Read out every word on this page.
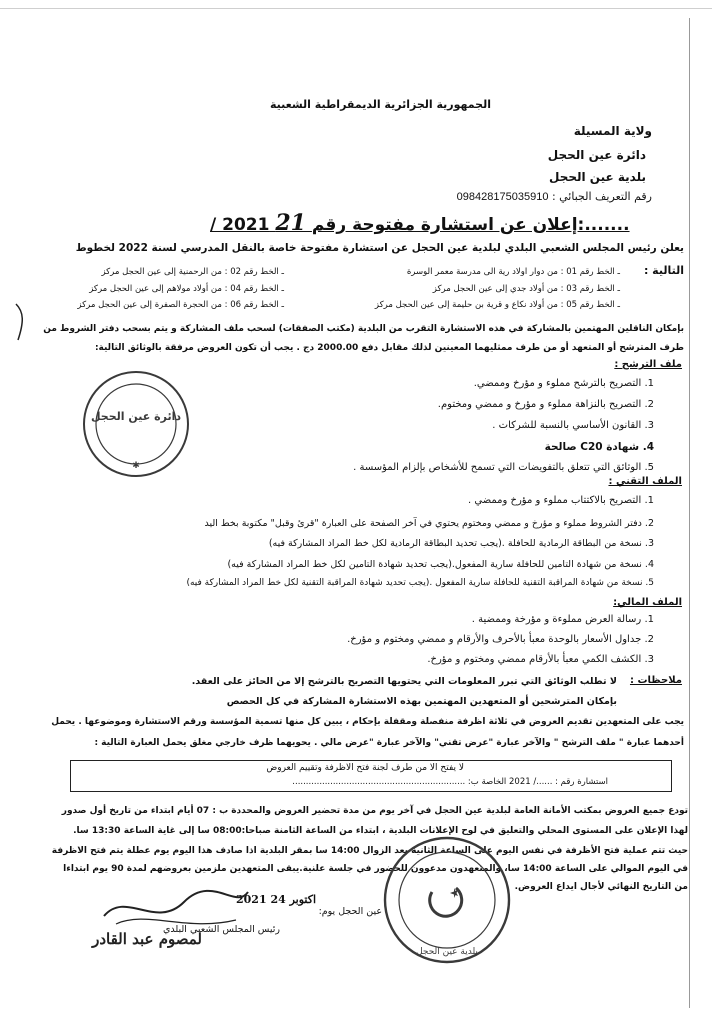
الجمهورية الجزائرية الديمقراطية الشعبية
ولاية المسيلة
دائرة عين الحجل
بلدية عين الحجل
رقم التعريف الجبائي : 098428175035910
/ 2021 21 إعلان عن استشارة مفتوحة رقم:.......
يعلن رئيس المجلس الشعبي البلدي لبلدية عين الحجل عن استشارة مفتوحة خاصة بالنقل المدرسي لسنة 2022 لخطوط
التالية :
ـ الخط رقم 01 : من دوار اولاد رية الى مدرسة معمر الوسرة
ـ الخط رقم 02 : من الرحمنية إلى عين الحجل مركز
ـ الخط رقم 03 : من أولاد جدي إلى عين الحجل مركز
ـ الخط رقم 04 : من أولاد مولاهم إلى عين الحجل مركز
ـ الخط رقم 05 : من أولاد نكاع و قرية بن حليمة إلى عين الحجل مركز
ـ الخط رقم 06 : من الحجرة الصفرة إلى عين الحجل مركز
بإمكان الناقلين المهتمين بالمشاركة في هذه الاستشارة التقرب من البلدية (مكتب الصفقات) لسحب ملف المشاركة و يتم بسحب دفتر الشروط من
طرف المترشح أو المتعهد أو من طرف ممثليهما المعينين لذلك مقابل دفع 2000.00 دج . يجب أن تكون العروض مرفقة بالوثائق التالية:
ملف الترشح :
1. التصريح بالترشح مملوء و مؤرخ وممضي.
2. التصريح بالنزاهة مملوء و مؤرخ و ممضي ومختوم.
3. القانون الأساسي بالنسبة للشركات .
4. شهادة C20 صالحة
5. الوثائق التي تتعلق بالتفويضات التي تسمح للأشخاص بإلزام المؤسسة .
دائرة عين الحجل
✱
الملف التقني :
1. التصريح بالاكتتاب مملوء و مؤرخ وممضي .
2. دفتر الشروط مملوء و مؤرخ و ممضي ومختوم يحتوي في آخر الصفحة على العبارة "قرئ وقبل" مكتوبة بخط اليد
3. نسخة من البطاقة الرمادية للحافلة .(يجب تحديد البطاقة الرمادية لكل خط المراد المشاركة فيه)
4. نسخة من شهادة التامين للحافلة سارية المفعول.(يجب تحديد شهادة التامين لكل خط المراد المشاركة فيه)
5. نسخة من شهادة المراقبة التقنية للحافلة سارية المفعول .(يجب تحديد شهادة المراقبة التقنية لكل خط المراد المشاركة فيه)
الملف المالي:
1. رسالة العرض مملوءة و مؤرخة وممضية .
2. جداول الأسعار بالوحدة معبأ بالأحرف والأرقام و ممضي ومختوم و مؤرخ.
3. الكشف الكمي معبأ بالأرقام ممضي ومختوم و مؤرخ.
ملاحظات :
لا تطلب الوثائق التي تبرر المعلومات التي يحتويها التصريح بالترشح إلا من الحائز على العقد.
بإمكان المترشحين أو المتعهدين المهتمين بهذه الاستشارة المشاركة في كل الحصص
يجب على المتعهدين تقديم العروض في ثلاثة اظرفة منفصلة ومقفلة بإحكام ، يبين كل منها تسمية المؤسسة ورقم الاستشارة وموضوعها . يحمل
أحدهما عبارة " ملف الترشح " والآخر عبارة "عرض تقني" والآخر عبارة "عرض مالي . يحويهما ظرف خارجي مغلق يحمل العبارة التالية :
لا يفتح الا من طرف لجنة فتح الاظرفة وتقييم العروض
استشارة رقم : ....../ 2021 الخاصة ب: ................................................................
تودع جميع العروض بمكتب الأمانة العامة لبلدية عين الحجل في آخر يوم من مدة تحضير العروض والمحددة ب : 07 أيام ابتداء من تاريخ أول صدور
لهذا الإعلان على المستوى المحلي والتعليق في لوح الإعلانات البلدية ، ابتداء من الساعة الثامنة صباحا:08:00 سا إلى غاية الساعة 13:30 سا.
حيث تتم عملية فتح الأظرفة في نفس اليوم على الساعة الثانية بعد الزوال 14:00 سا بمقر البلدية اذا صادف هذا اليوم يوم عطلة يتم فتح الاظرفة
في اليوم الموالي على الساعة 14:00 سا، والمتعهدون مدعوون للحضور في جلسة علنية.يبقى المتعهدين ملزمين بعروضهم لمدة 90 يوم ابتداءا
من التاريخ النهائي لأجال ايداع العروض.
بلدية عين الحجل
2021 اكتوبر 24
عين الحجل يوم:
رئيس المجلس الشعبي البلدي
لمصوم عبد القادر
